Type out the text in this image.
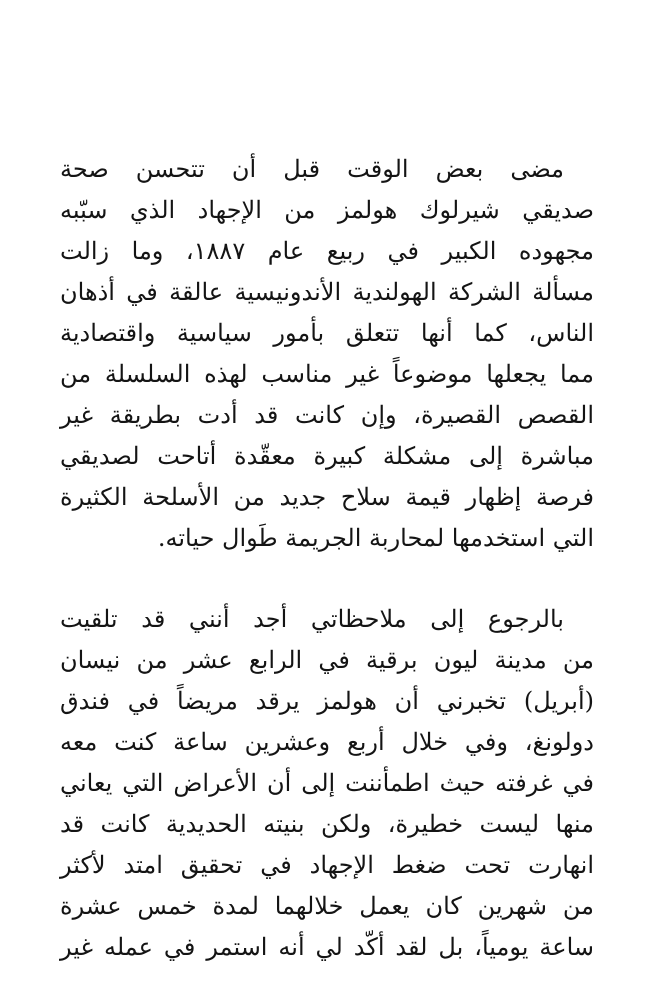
مضى بعض الوقت قبل أن تتحسن صحة
صديقي شيرلوك هولمز من الإجهاد الذي سبّبه
مجهوده الكبير في ربيع عام ١٨٨٧، وما زالت
مسألة الشركة الهولندية الأندونيسية عالقة في أذهان
الناس، كما أنها تتعلق بأمور سياسية واقتصادية
مما يجعلها موضوعاً غير مناسب لهذه السلسلة من
القصص القصيرة، وإن كانت قد أدت بطريقة غير
مباشرة إلى مشكلة كبيرة معقّدة أتاحت لصديقي
فرصة إظهار قيمة سلاح جديد من الأسلحة الكثيرة
التي استخدمها لمحاربة الجريمة طَوال حياته.
بالرجوع إلى ملاحظاتي أجد أنني قد تلقيت
من مدينة ليون برقية في الرابع عشر من نيسان
(أبريل) تخبرني أن هولمز يرقد مريضاً في فندق
دولونغ، وفي خلال أربع وعشرين ساعة كنت معه
في غرفته حيث اطمأننت إلى أن الأعراض التي يعاني
منها ليست خطيرة، ولكن بنيته الحديدية كانت قد
انهارت تحت ضغط الإجهاد في تحقيق امتد لأكثر
من شهرين كان يعمل خلالهما لمدة خمس عشرة
ساعة يومياً، بل لقد أكّد لي أنه استمر في عمله غير
